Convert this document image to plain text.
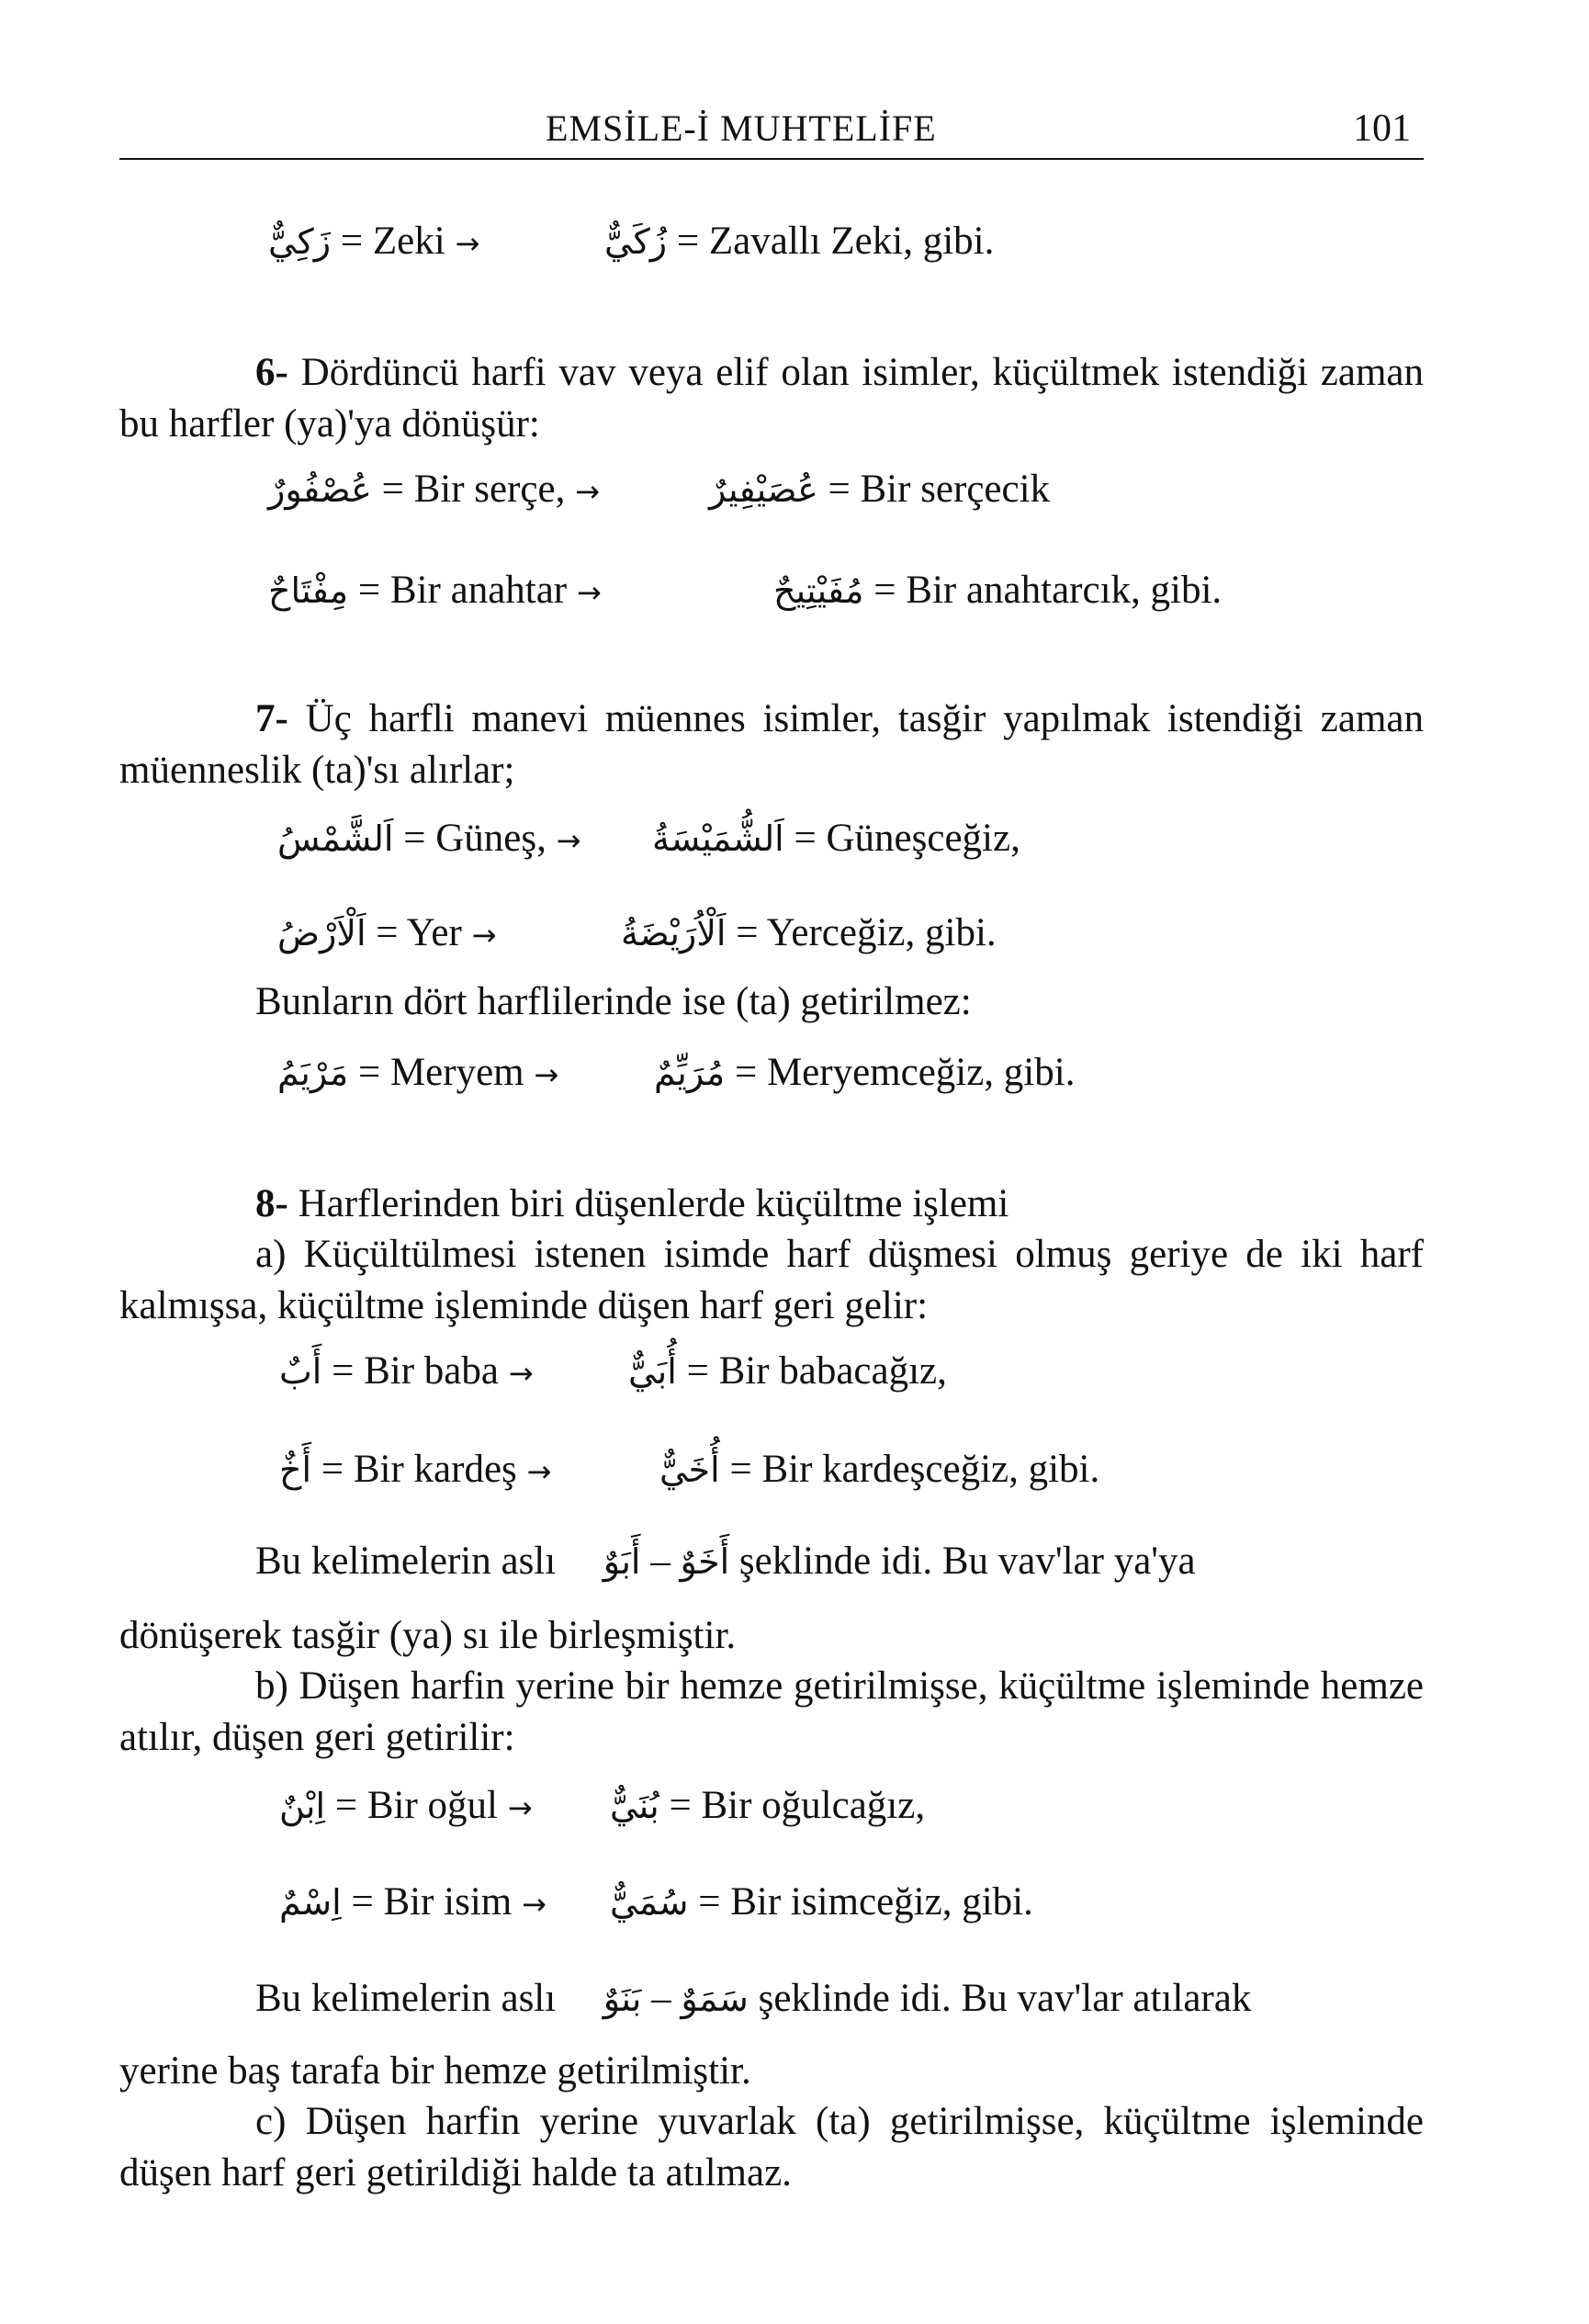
EMSİLE-İ MUHTELİFE	101
زَكِيٌّ = Zeki →	زُكَيٌّ = Zavallı Zeki, gibi.
6- Dördüncü harfi vav veya elif olan isimler, küçültmek istendiği zaman bu harfler (ya)'ya dönüşür:
عُصْفُورٌ = Bir serçe, →	عُصَيْفِيرٌ = Bir serçecik
مِفْتَاحٌ = Bir anahtar →	مُفَيْتِيحٌ = Bir anahtarcık, gibi.
7- Üç harfli manevi müennes isimler, tasğir yapılmak istendiği zaman müenneslik (ta)'sı alırlar;
اَلشَّمْسُ = Güneş, → اَلشُّمَيْسَةُ = Güneşceğiz,
اَلْاَرْضُ = Yer →	اَلْاُرَيْضَةُ = Yerceğiz, gibi.
Bunların dört harflilerinde ise (ta) getirilmez:
مَرْيَمُ = Meryem →	مُرَيِّمٌ = Meryemceğiz, gibi.
8- Harflerinden biri düşenlerde küçültme işlemi
a) Küçültülmesi istenen isimde harf düşmesi olmuş geriye de iki harf kalmışsa, küçültme işleminde düşen harf geri gelir:
أَبٌ = Bir baba →	أُبَيٌّ = Bir babacağız,
أَخٌ = Bir kardeş →	أُخَيٌّ = Bir kardeşceğiz, gibi.
Bu kelimelerin aslı أَبَوٌ – أَخَوٌ şeklinde idi. Bu vav'lar ya'ya
dönüşerek tasğir (ya) sı ile birleşmiştir.
b) Düşen harfin yerine bir hemze getirilmişse, küçültme işleminde hemze atılır, düşen geri getirilir:
اِبْنٌ = Bir oğul → بُنَيٌّ = Bir oğulcağız,
اِسْمٌ = Bir isim → سُمَيٌّ = Bir isimceğiz, gibi.
Bu kelimelerin aslı بَنَوٌ – سَمَوٌ şeklinde idi. Bu vav'lar atılarak
yerine baş tarafa bir hemze getirilmiştir.
c) Düşen harfin yerine yuvarlak (ta) getirilmişse, küçültme işleminde düşen harf geri getirildiği halde ta atılmaz.
